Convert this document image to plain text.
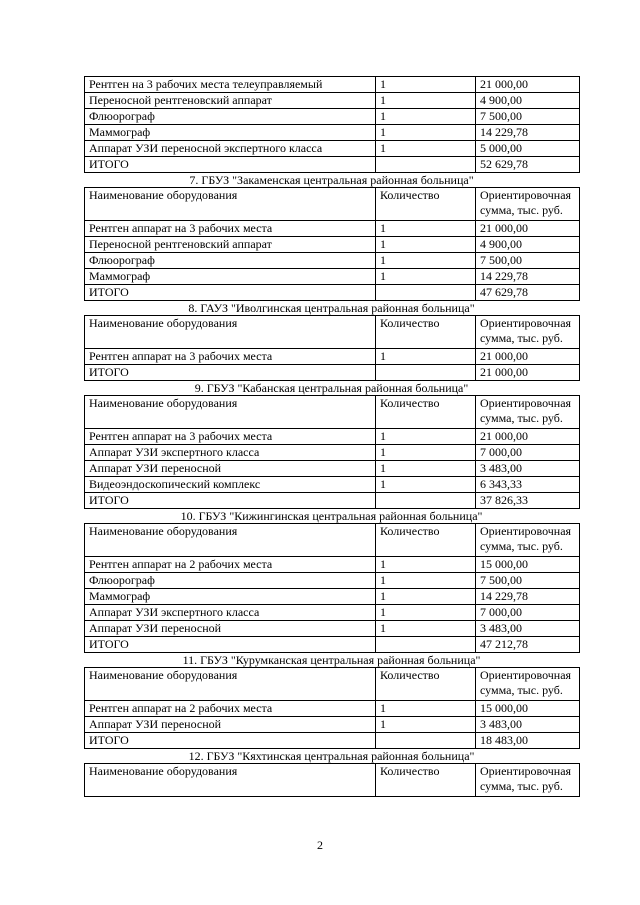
Рентген на 3 рабочих места телеуправляемый	1	21 000,00
Переносной рентгеновский аппарат	1	4 900,00
Флюорограф	1	7 500,00
Маммограф	1	14 229,78
Аппарат УЗИ переносной экспертного класса	1	5 000,00
ИТОГО		52 629,78
7. ГБУЗ "Закаменская центральная районная больница"
Наименование оборудования	Количество	Ориентировочная сумма, тыс. руб.
Рентген аппарат на 3 рабочих места	1	21 000,00
Переносной рентгеновский аппарат	1	4 900,00
Флюорограф	1	7 500,00
Маммограф	1	14 229,78
ИТОГО		47 629,78
8. ГАУЗ "Иволгинская центральная районная больница"
Наименование оборудования	Количество	Ориентировочная сумма, тыс. руб.
Рентген аппарат на 3 рабочих места	1	21 000,00
ИТОГО		21 000,00
9. ГБУЗ "Кабанская центральная районная больница"
Наименование оборудования	Количество	Ориентировочная сумма, тыс. руб.
Рентген аппарат на 3 рабочих места	1	21 000,00
Аппарат УЗИ экспертного класса	1	7 000,00
Аппарат УЗИ переносной	1	3 483,00
Видеоэндоскопический комплекс	1	6 343,33
ИТОГО		37 826,33
10. ГБУЗ "Кижингинская центральная районная больница"
Наименование оборудования	Количество	Ориентировочная сумма, тыс. руб.
Рентген аппарат на 2 рабочих места	1	15 000,00
Флюорограф	1	7 500,00
Маммограф	1	14 229,78
Аппарат УЗИ экспертного класса	1	7 000,00
Аппарат УЗИ переносной	1	3 483,00
ИТОГО		47 212,78
11. ГБУЗ "Курумканская центральная районная больница"
Наименование оборудования	Количество	Ориентировочная сумма, тыс. руб.
Рентген аппарат на 2 рабочих места	1	15 000,00
Аппарат УЗИ переносной	1	3 483,00
ИТОГО		18 483,00
12. ГБУЗ "Кяхтинская центральная районная больница"
Наименование оборудования	Количество	Ориентировочная сумма, тыс. руб.
2
